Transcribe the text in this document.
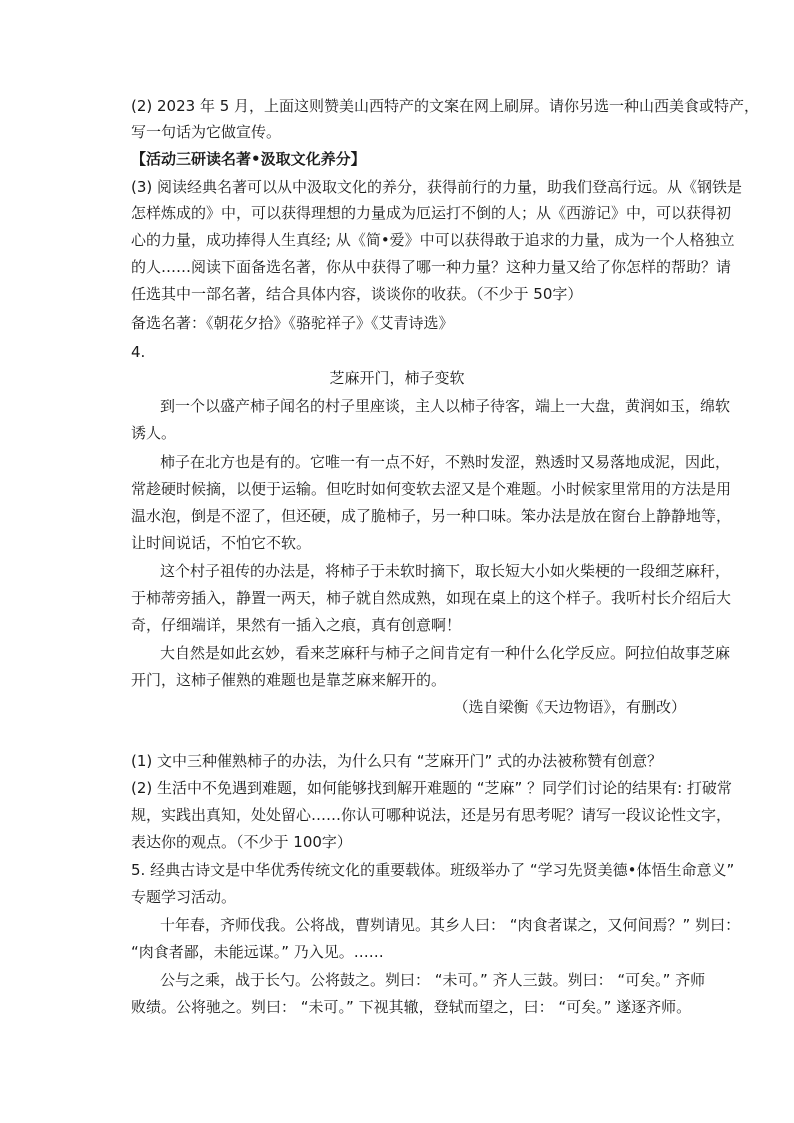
(2) 2023 年 5 月，上面这则赞美山西特产的文案在网上刷屏。请你另选一种山西美食或特产，
写一句话为它做宣传。
【活动三研读名著•汲取文化养分】
(3) 阅读经典名著可以从中汲取文化的养分，获得前行的力量，助我们登高行远。从《钢铁是
怎样炼成的》中，可以获得理想的力量成为厄运打不倒的人；从《西游记》中，可以获得初
心的力量，成功捧得人生真经; 从《简•爱》中可以获得敢于追求的力量，成为一个人格独立
的人……阅读下面备选名著，你从中获得了哪一种力量？这种力量又给了你怎样的帮助？请
任选其中一部名著，结合具体内容，谈谈你的收获。（不少于 50字）
备选名著：《朝花夕拾》《骆驼祥子》《艾青诗选》
4.
芝麻开门，柿子变软
到一个以盛产柿子闻名的村子里座谈，主人以柿子待客，端上一大盘，黄润如玉，绵软
诱人。
柿子在北方也是有的。它唯一有一点不好，不熟时发涩，熟透时又易落地成泥，因此，
常趁硬时候摘，以便于运输。但吃时如何变软去涩又是个难题。小时候家里常用的方法是用
温水泡，倒是不涩了，但还硬，成了脆柿子，另一种口味。笨办法是放在窗台上静静地等，
让时间说话，不怕它不软。
这个村子祖传的办法是，将柿子于未软时摘下，取长短大小如火柴梗的一段细芝麻秆，
于柿蒂旁插入，静置一两天，柿子就自然成熟，如现在桌上的这个样子。我听村长介绍后大
奇，仔细端详，果然有一插入之痕，真有创意啊！
大自然是如此玄妙，看来芝麻秆与柿子之间肯定有一种什么化学反应。阿拉伯故事芝麻
开门，这柿子催熟的难题也是靠芝麻来解开的。
（选自梁衡《天边物语》，有删改）
(1) 文中三种催熟柿子的办法，为什么只有 “芝麻开门” 式的办法被称赞有创意？
(2) 生活中不免遇到难题，如何能够找到解开难题的 “芝麻” ？同学们讨论的结果有: 打破常
规，实践出真知，处处留心……你认可哪种说法，还是另有思考呢？请写一段议论性文字，
表达你的观点。（不少于 100字）
5. 经典古诗文是中华优秀传统文化的重要载体。班级举办了 “学习先贤美德•体悟生命意义”
专题学习活动。
十年春，齐师伐我。公将战，曹刿请见。其乡人曰： “肉食者谋之，又何间焉？” 刿曰：
“肉食者鄙，未能远谋。” 乃入见。……
公与之乘，战于长勺。公将鼓之。刿曰： “未可。” 齐人三鼓。刿曰： “可矣。” 齐师
败绩。公将驰之。刿曰： “未可。” 下视其辙，登轼而望之，曰： “可矣。” 遂逐齐师。
